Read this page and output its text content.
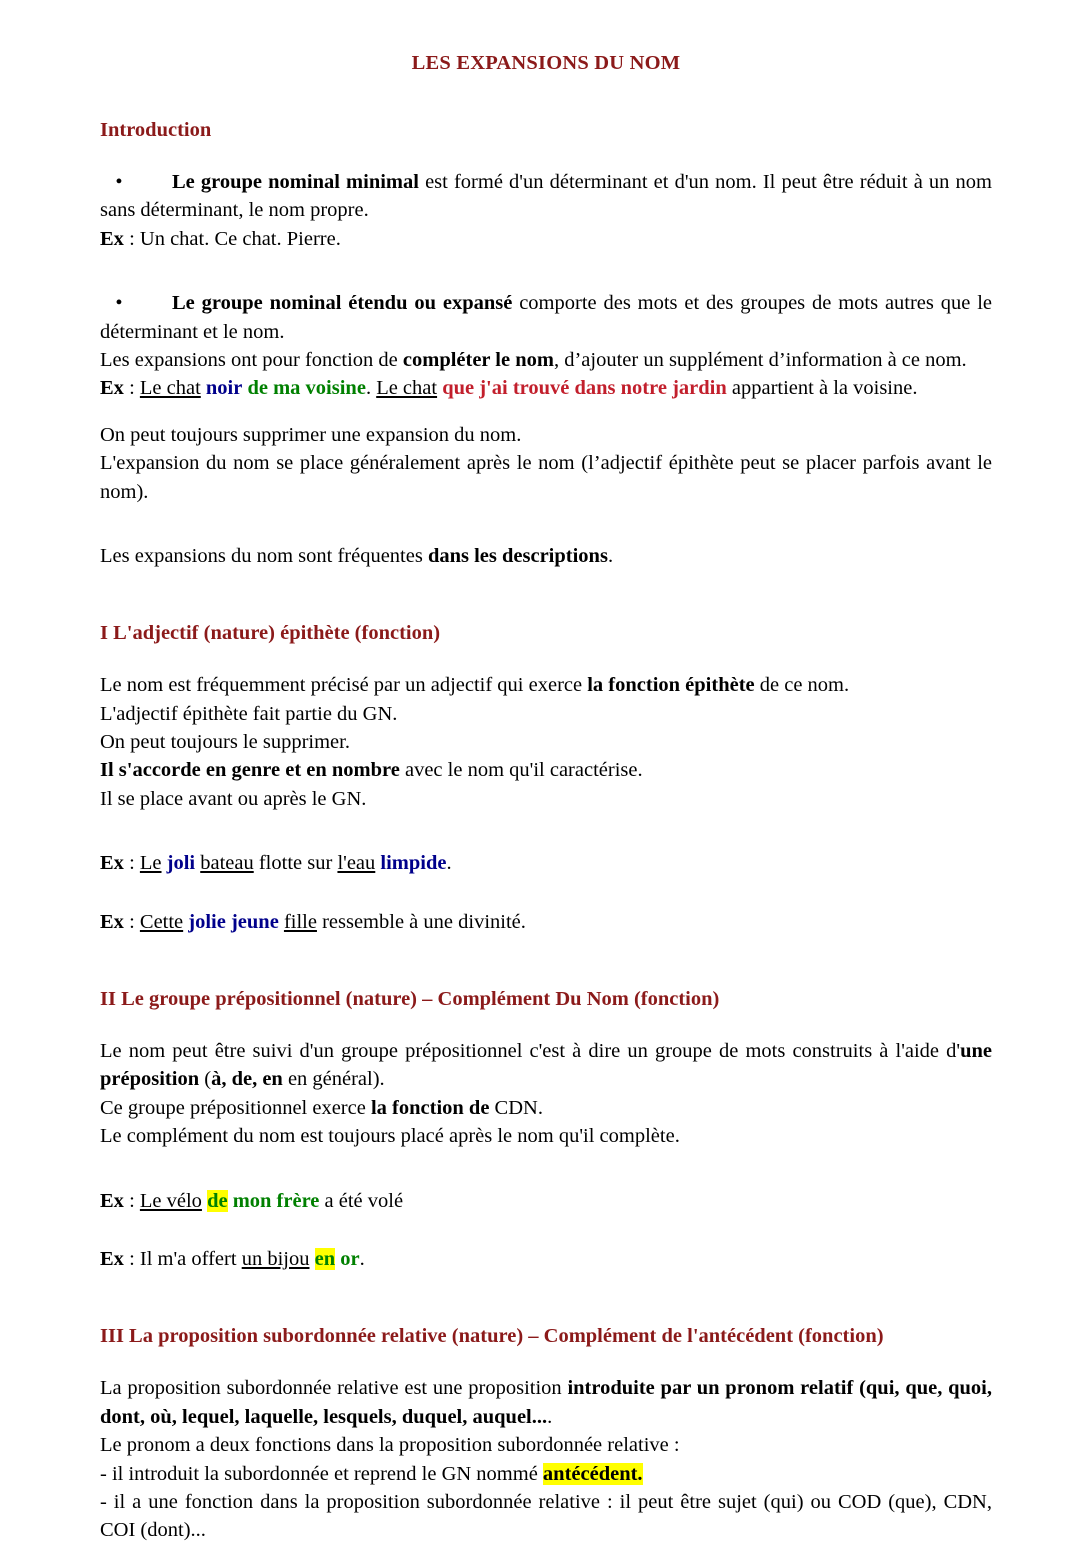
LES EXPANSIONS DU NOM
Introduction

• Le groupe nominal minimal est formé d'un déterminant et d'un nom. Il peut être réduit à un nom sans déterminant, le nom propre.

Ex : Un chat. Ce chat. Pierre.

• Le groupe nominal étendu ou expansé comporte des mots et des groupes de mots autres que le déterminant et le nom.

Les expansions ont pour fonction de compléter le nom, d’ajouter un supplément d’information à ce nom.

Ex : Le chat noir de ma voisine. Le chat que j'ai trouvé dans notre jardin appartient à la voisine.

On peut toujours supprimer une expansion du nom.

L'expansion du nom se place généralement après le nom (l’adjectif épithète peut se placer parfois avant le nom).

Les expansions du nom sont fréquentes dans les descriptions.

I L'adjectif (nature) épithète (fonction)

Le nom est fréquemment précisé par un adjectif qui exerce la fonction épithète de ce nom.

L'adjectif épithète fait partie du GN.

On peut toujours le supprimer.

Il s'accorde en genre et en nombre avec le nom qu'il caractérise.

Il se place avant ou après le GN.

Ex : Le joli bateau flotte sur l'eau limpide.

Ex : Cette jolie jeune fille ressemble à une divinité.

II Le groupe prépositionnel (nature) – Complément Du Nom (fonction)

Le nom peut être suivi d'un groupe prépositionnel c'est à dire un groupe de mots construits à l'aide d'une préposition (à, de, en en général).

Ce groupe prépositionnel exerce la fonction de CDN.

Le complément du nom est toujours placé après le nom qu'il complète.

Ex : Le vélo de mon frère a été volé

Ex : Il m'a offert un bijou en or.

III La proposition subordonnée relative (nature) – Complément de l'antécédent (fonction)

La proposition subordonnée relative est une proposition introduite par un pronom relatif (qui, que, quoi, dont, où, lequel, laquelle, lesquels, duquel, auquel....

Le pronom a deux fonctions dans la proposition subordonnée relative :

- il introduit la subordonnée et reprend le GN nommé antécédent.

- il a une fonction dans la proposition subordonnée relative : il peut être sujet (qui) ou COD (que), CDN, COI (dont)...
